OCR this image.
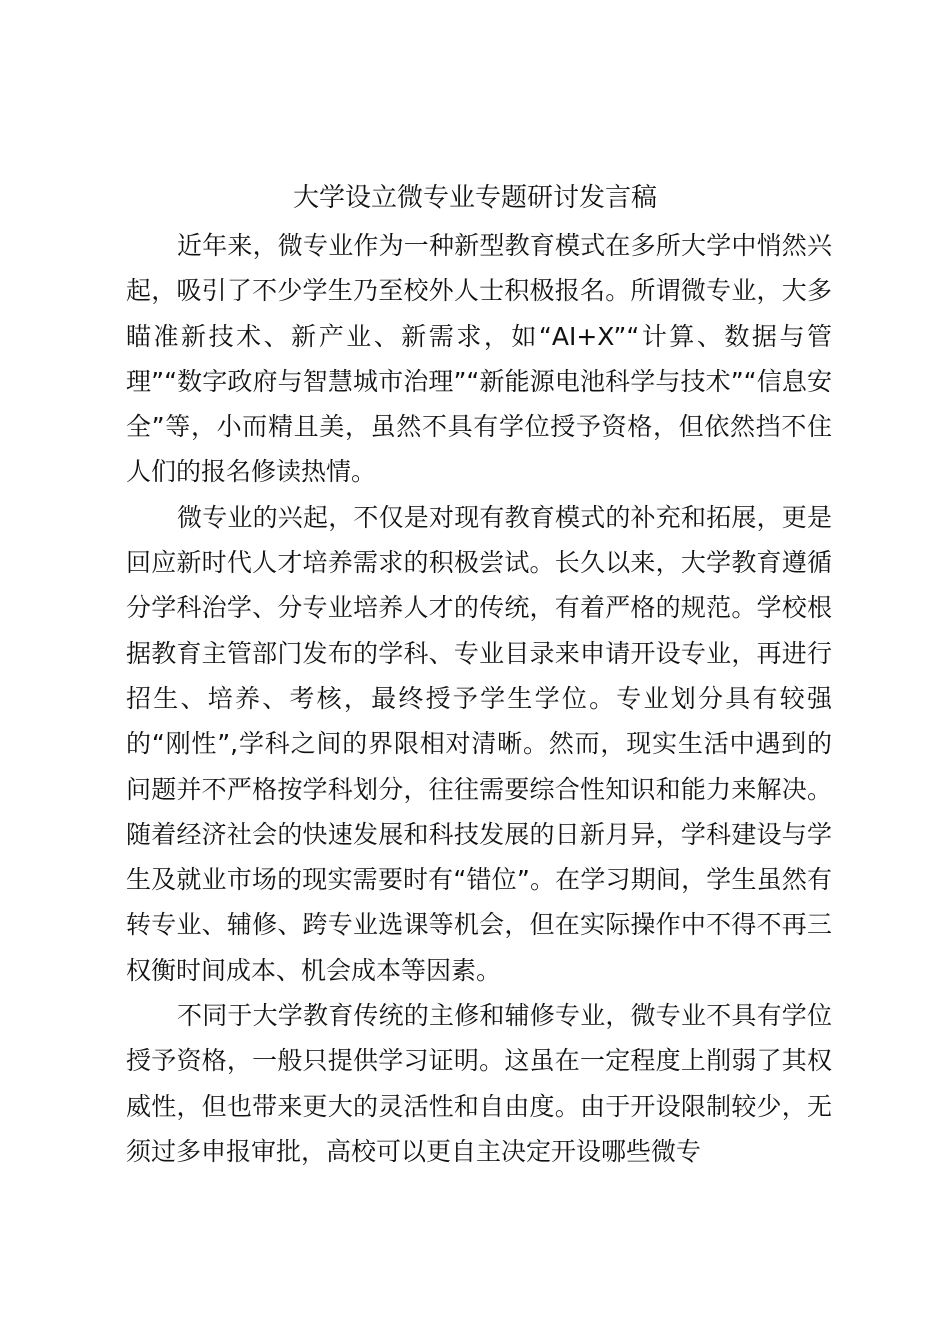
大学设立微专业专题研讨发言稿

近年来，微专业作为一种新型教育模式在多所大学中悄然兴起，吸引了不少学生乃至校外人士积极报名。所谓微专业，大多瞄准新技术、新产业、新需求，如“AI+X”“计算、数据与管理”“数字政府与智慧城市治理”“新能源电池科学与技术”“信息安全”等，小而精且美，虽然不具有学位授予资格，但依然挡不住人们的报名修读热情。

微专业的兴起，不仅是对现有教育模式的补充和拓展，更是回应新时代人才培养需求的积极尝试。长久以来，大学教育遵循分学科治学、分专业培养人才的传统，有着严格的规范。学校根据教育主管部门发布的学科、专业目录来申请开设专业，再进行招生、培养、考核，最终授予学生学位。专业划分具有较强的“刚性”,学科之间的界限相对清晰。然而，现实生活中遇到的问题并不严格按学科划分，往往需要综合性知识和能力来解决。随着经济社会的快速发展和科技发展的日新月异，学科建设与学生及就业市场的现实需要时有“错位”。在学习期间，学生虽然有转专业、辅修、跨专业选课等机会，但在实际操作中不得不再三权衡时间成本、机会成本等因素。

不同于大学教育传统的主修和辅修专业，微专业不具有学位授予资格，一般只提供学习证明。这虽在一定程度上削弱了其权威性，但也带来更大的灵活性和自由度。由于开设限制较少，无须过多申报审批，高校可以更自主决定开设哪些微专
